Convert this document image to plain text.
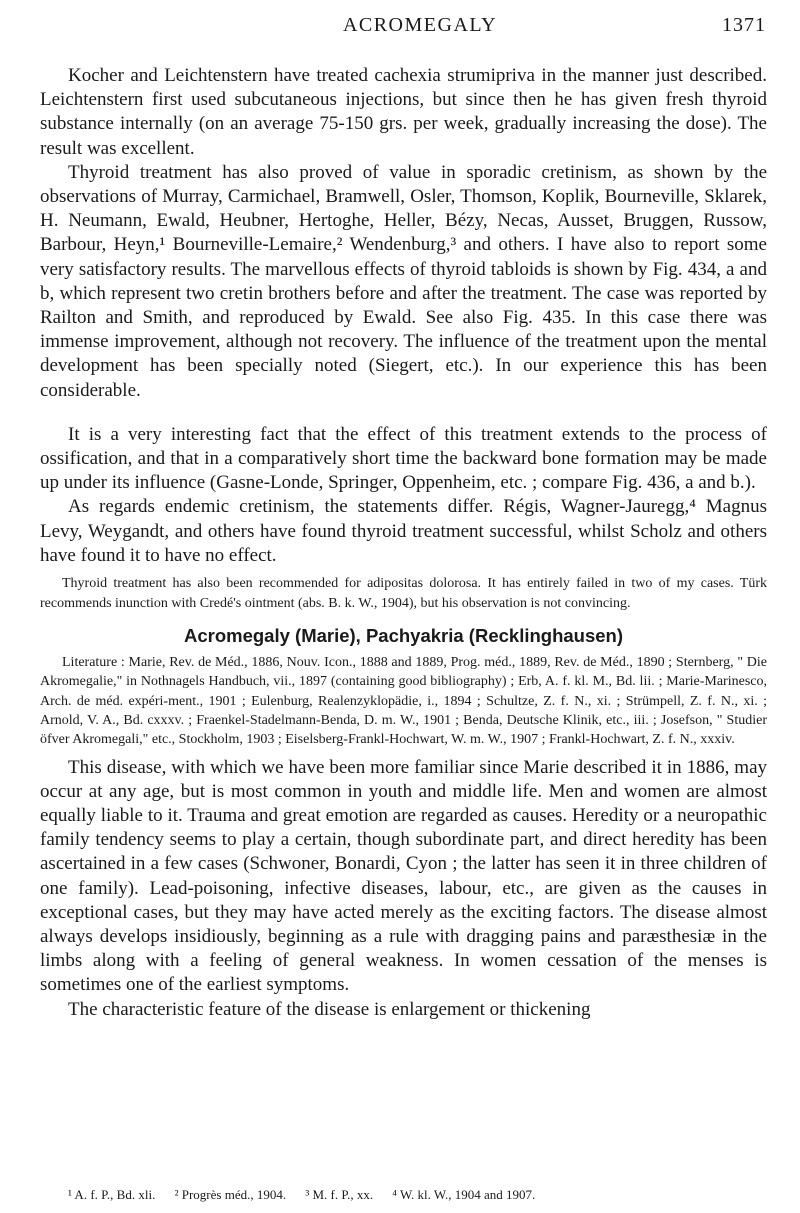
ACROMEGALY	1371

Kocher and Leichtenstern have treated cachexia strumipriva in the manner just described. Leichtenstern first used subcutaneous injections, but since then he has given fresh thyroid substance internally (on an average 75-150 grs. per week, gradually increasing the dose). The result was excellent.

Thyroid treatment has also proved of value in sporadic cretinism, as shown by the observations of Murray, Carmichael, Bramwell, Osler, Thomson, Koplik, Bourneville, Sklarek, H. Neumann, Ewald, Heubner, Hertoghe, Heller, Bézy, Necas, Ausset, Bruggen, Russow, Barbour, Heyn,¹ Bourneville-Lemaire,² Wendenburg,³ and others. I have also to report some very satisfactory results. The marvellous effects of thyroid tabloids is shown by Fig. 434, a and b, which represent two cretin brothers before and after the treatment. The case was reported by Railton and Smith, and reproduced by Ewald. See also Fig. 435. In this case there was immense improvement, although not recovery. The influence of the treatment upon the mental development has been specially noted (Siegert, etc.). In our experience this has been considerable.

It is a very interesting fact that the effect of this treatment extends to the process of ossification, and that in a comparatively short time the backward bone formation may be made up under its influence (Gasne-Londe, Springer, Oppenheim, etc. ; compare Fig. 436, a and b.).

As regards endemic cretinism, the statements differ. Régis, Wagner-Jauregg,⁴ Magnus Levy, Weygandt, and others have found thyroid treatment successful, whilst Scholz and others have found it to have no effect.

Thyroid treatment has also been recommended for adipositas dolorosa. It has entirely failed in two of my cases. Türk recommends inunction with Credé's ointment (abs. B. k. W., 1904), but his observation is not convincing.

Acromegaly (Marie), Pachyakria (Recklinghausen)

Literature : Marie, Rev. de Méd., 1886, Nouv. Icon., 1888 and 1889, Prog. méd., 1889, Rev. de Méd., 1890 ; Sternberg, " Die Akromegalie," in Nothnagels Handbuch, vii., 1897 (containing good bibliography) ; Erb, A. f. kl. M., Bd. lii. ; Marie-Marinesco, Arch. de méd. expéri-ment., 1901 ; Eulenburg, Realenzyklopädie, i., 1894 ; Schultze, Z. f. N., xi. ; Strümpell, Z. f. N., xi. ; Arnold, V. A., Bd. cxxxv. ; Fraenkel-Stadelmann-Benda, D. m. W., 1901 ; Benda, Deutsche Klinik, etc., iii. ; Josefson, " Studier öfver Akromegali," etc., Stockholm, 1903 ; Eiselsberg-Frankl-Hochwart, W. m. W., 1907 ; Frankl-Hochwart, Z. f. N., xxxiv.

This disease, with which we have been more familiar since Marie described it in 1886, may occur at any age, but is most common in youth and middle life. Men and women are almost equally liable to it. Trauma and great emotion are regarded as causes. Heredity or a neuropathic family tendency seems to play a certain, though subordinate part, and direct heredity has been ascertained in a few cases (Schwoner, Bonardi, Cyon ; the latter has seen it in three children of one family). Lead-poisoning, infective diseases, labour, etc., are given as the causes in exceptional cases, but they may have acted merely as the exciting factors. The disease almost always develops insidiously, beginning as a rule with dragging pains and paræsthesiæ in the limbs along with a feeling of general weakness. In women cessation of the menses is sometimes one of the earliest symptoms.

The characteristic feature of the disease is enlargement or thickening

¹ A. f. P., Bd. xli. ² Progrès méd., 1904. ³ M. f. P., xx. ⁴ W. kl. W., 1904 and 1907.
